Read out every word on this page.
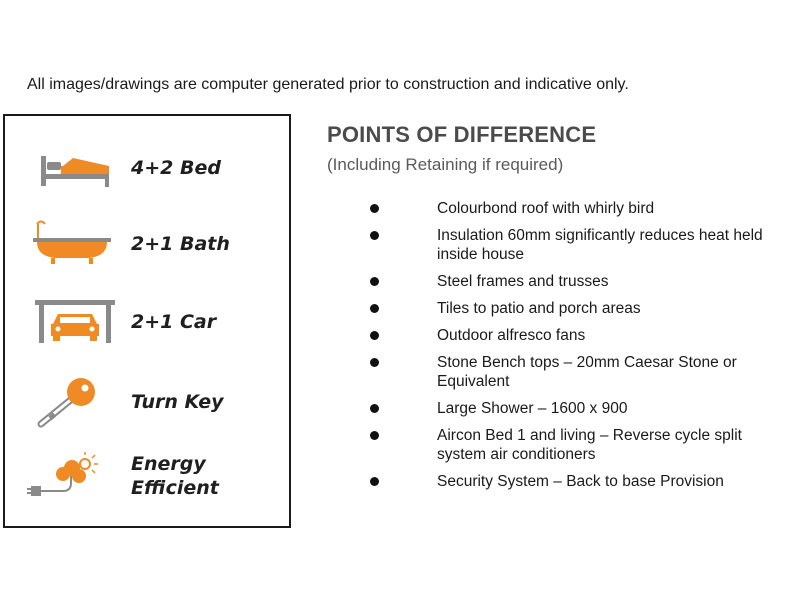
All images/drawings are computer generated prior to construction and indicative only.
4+2 Bed
2+1 Bath
2+1 Car
Turn Key
Energy
Efficient
POINTS OF DIFFERENCE
(Including Retaining if required)
Colourbond roof with whirly bird
Insulation 60mm significantly reduces heat held inside house
Steel frames and trusses
Tiles to patio and porch areas
Outdoor alfresco fans
Stone Bench tops – 20mm Caesar Stone or Equivalent
Large Shower – 1600 x 900
Aircon Bed 1 and living – Reverse cycle split system air conditioners
Security System – Back to base Provision
